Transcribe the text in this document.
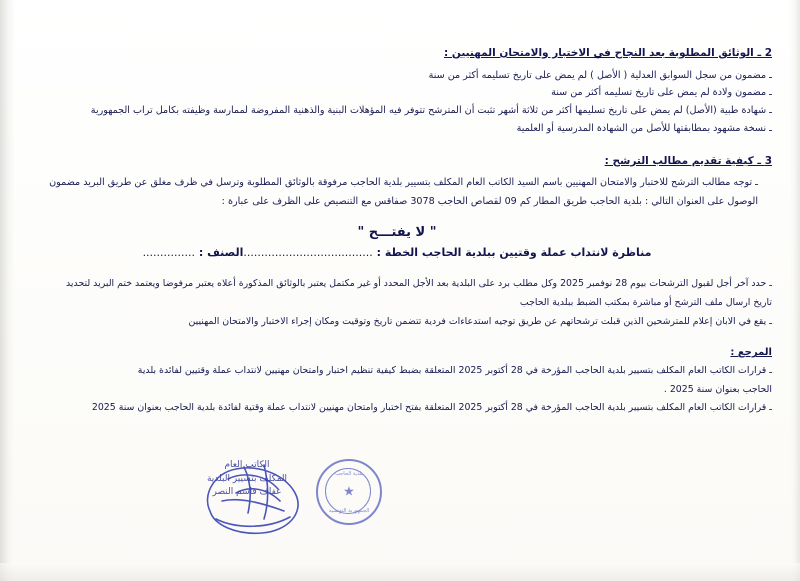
2 ـ الوثائق المطلوبة بعد النجاح في الاختبار والامتحان المهنيين :
ـ مضمون من سجل السوابق العدلية ( الأصل ) لم يمض على تاريخ تسليمه أكثر من سنة
ـ مضمون ولادة لم يمض على تاريخ تسليمه أكثر من سنة
ـ شهادة طبية (الأصل) لم يمض على تاريخ تسليمها أكثر من ثلاثة أشهر تثبت أن المترشح تتوفر فيه المؤهلات البنية والذهنية المفروضة لممارسة وظيفته بكامل تراب الجمهورية
ـ نسخة مشهود بمطابقتها للأصل من الشهادة المدرسية أو العلمية
3 ـ كيفية تقديم مطالب الترشح :

ـ توجه مطالب الترشح للاختبار والامتحان المهنيين باسم السيد الكاتب العام المكلف بتسيير بلدية الحاجب مرفوقة بالوثائق المطلوبة وترسل في ظرف مغلق عن طريق البريد مضمون

الوصول على العنوان التالي : بلدية الحاجب طريق المطار كم 09 لقصاص الحاجب 3078 صفاقس مع التنصيص على الظرف على عبارة :

" لا يفتـــح "
مناظرة لانتداب عملة وقتيين ببلدية الحاجب الخطة : .....................................الصنف : ...............
ـ حدد آخر أجل لقبول الترشحات بيوم 28 نوفمبر 2025 وكل مطلب برد على البلدية بعد الأجل المحدد أو غير مكتمل يعتبر بالوثائق المذكورة أعلاه يعتبر مرفوضا ويعتمد ختم البريد لتحديد
تاريخ ارسال ملف الترشح أو مباشرة بمكتب الضبط ببلدية الحاجب
ـ يقع في الابان إعلام للمترشحين الذين قبلت ترشحاتهم عن طريق توجيه استدعاءات فردية تتضمن تاريخ وتوقيت ومكان إجراء الاختبار والامتحان المهنيين
المرجع :
ـ قرارات الكاتب العام المكلف بتسيير بلدية الحاجب المؤرخة في 28 أكتوبر 2025 المتعلقة بضبط كيفية تنظيم اختبار وامتحان مهنيين لانتداب عملة وقتيين لفائدة بلدية
الحاجب بعنوان سنة 2025 .
ـ قرارات الكاتب العام المكلف بتسيير بلدية الحاجب المؤرخة في 28 أكتوبر 2025 المتعلقة بفتح اختبار وامتحان مهنيين لانتداب عملة وقتية لفائدة بلدية الحاجب بعنوان سنة 2025
الكاتب العام
المكلف بتسيير البلدية
عفاف قاسم النصر
بلدية الحاجب
★
الجمهورية التونسية
